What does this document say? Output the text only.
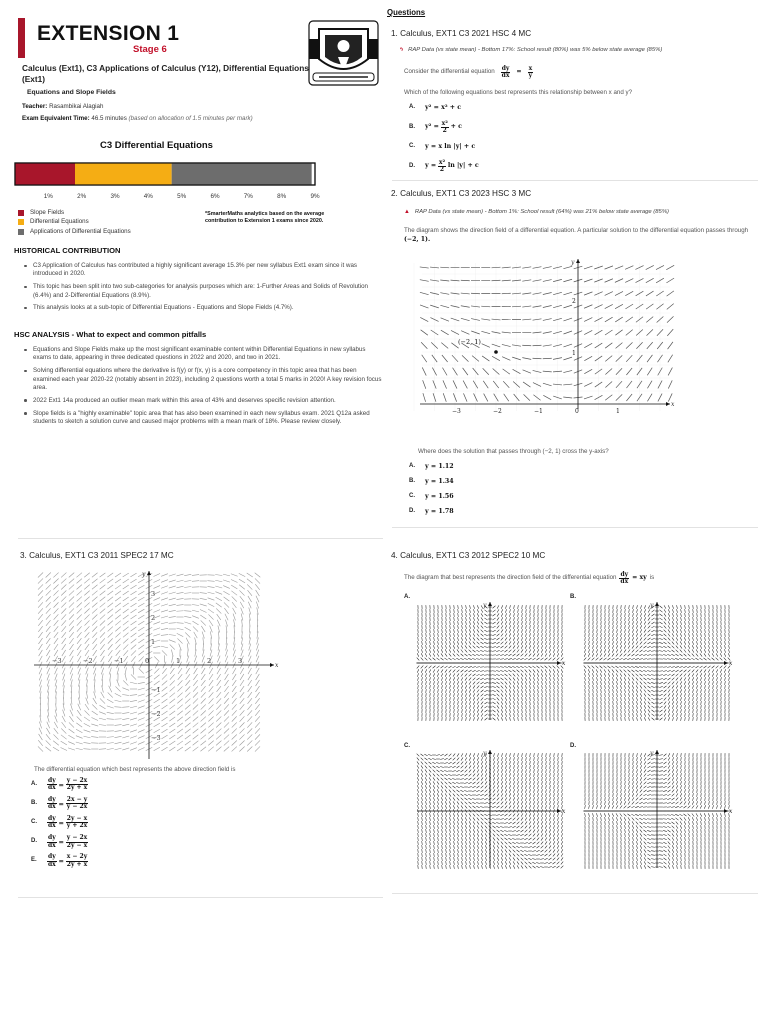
EXTENSION 1
Stage 6
Calculus (Ext1), C3 Applications of Calculus (Y12), Differential Equations (Ext1)
Equations and Slope Fields
Teacher: Rasambikai Alagiah
Exam Equivalent Time: 46.5 minutes (based on allocation of 1.5 minutes per mark)
C3 Differential Equations
1%	2%	3%	4%	5%	6%	7%	8%	9%
Slope Fields
Differential Equations
Applications of Differential Equations
*SmarterMaths analytics based on the average contribution to Extension 1 exams since 2020.
HISTORICAL CONTRIBUTION
C3 Application of Calculus has contributed a highly significant average 15.3% per new syllabus Ext1 exam since it was introduced in 2020.
This topic has been split into two sub-categories for analysis purposes which are: 1-Further Areas and Solids of Revolution (6.4%) and 2-Differential Equations (8.9%).
This analysis looks at a sub-topic of Differential Equations - Equations and Slope Fields (4.7%).
HSC ANALYSIS - What to expect and common pitfalls
Equations and Slope Fields make up the most significant examinable content within Differential Equations in new syllabus exams to date, appearing in three dedicated questions in 2022 and 2020, and two in 2021.
Solving differential equations where the derivative is f(y) or f(x, y) is a core competency in this topic area that has been examined each year 2020-22 (notably absent in 2023), including 2 questions worth a total 5 marks in 2020! A key revision focus area.
2022 Ext1 14a produced an outlier mean mark within this area of 43% and deserves specific revision attention.
Slope fields is a "highly examinable" topic area that has also been examined in each new syllabus exam. 2021 Q12a asked students to sketch a solution curve and caused major problems with a mean mark of 18%. Please review closely.
Questions
1. Calculus, EXT1 C3 2021 HSC 4 MC
ϟ RAP Data (vs state mean) - Bottom 17%: School result (80%) was 5% below state average (85%)
Consider the differential equation $\frac{dy}{dx} = \frac{x}{y}$
Which of the following equations best represents this relationship between x and y?
A.	y² = x² + c
B.	y² =
$\frac{\text{x²}}{2}$
+ c
C.	y = x ln |y| + c
D.	y =
$\frac{\text{x²}}{2}$
ln |y| + c
2. Calculus, EXT1 C3 2023 HSC 3 MC
▲ RAP Data (vs state mean) - Bottom 1%: School result (64%) was 21% below state average (85%)
The diagram shows the direction field of a differential equation. A particular solution to the differential equation passes through (−2, 1).
x
y
−3	−2	−1	0	1
2
1
(−2, 1)
Where does the solution that passes through (−2, 1) cross the y-axis?
A.	y = 1.12
B.	y = 1.34
C.	y = 1.56
D.	y = 1.78
3. Calculus, EXT1 C3 2011 SPEC2 17 MC
x
y
−3	−2	−1	0	1	2	3
3
2
1
−1
−2
−3
The differential equation which best represents the above direction field is
A.	$\frac{dy}{dx}$
=
$\frac{y - 2x}{2y + x}$
B.	$\frac{dy}{dx}$
=
$\frac{2x - y}{y - 2x}$
C.	$\frac{dy}{dx}$
=
$\frac{2y - x}{y + 2x}$
D.	$\frac{dy}{dx}$
=
$\frac{y - 2x}{2y - x}$
E.	$\frac{dy}{dx}$
=
$\frac{x - 2y}{2y + x}$
4. Calculus, EXT1 C3 2012 SPEC2 10 MC
The diagram that best represents the direction field of the differential equation $\frac{dy}{dx}$ = xy is
A.	B.
C.	D.
x
y
x
y
x
y
x
y
